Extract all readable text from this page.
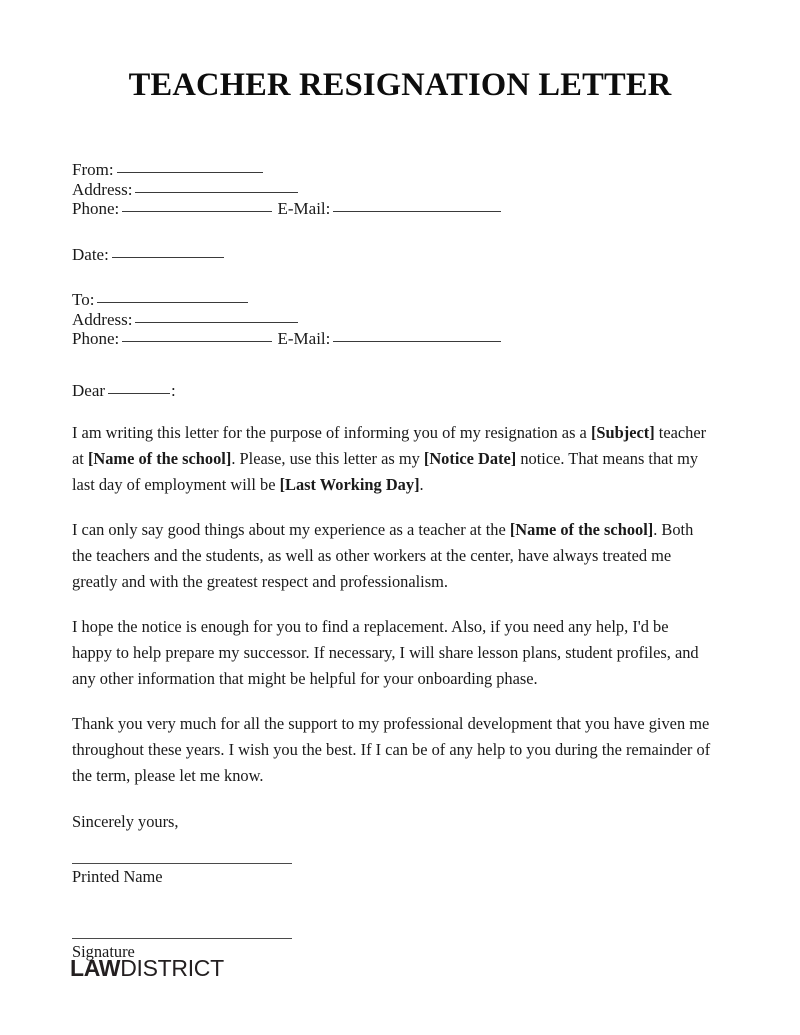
TEACHER RESIGNATION LETTER
From:
Address:
Phone:	E-Mail:
Date:
To:
Address:
Phone:	E-Mail:
Dear	:

I am writing this letter for the purpose of informing you of my resignation as a [Subject] teacher at [Name of the school]. Please, use this letter as my [Notice Date] notice. That means that my last day of employment will be [Last Working Day].

I can only say good things about my experience as a teacher at the [Name of the school]. Both the teachers and the students, as well as other workers at the center, have always treated me greatly and with the greatest respect and professionalism.

I hope the notice is enough for you to find a replacement. Also, if you need any help, I'd be happy to help prepare my successor. If necessary, I will share lesson plans, student profiles, and any other information that might be helpful for your onboarding phase.

Thank you very much for all the support to my professional development that you have given me throughout these years. I wish you the best. If I can be of any help to you during the remainder of the term, please let me know.

Sincerely yours,
Printed Name
Signature
LAWDISTRICT
